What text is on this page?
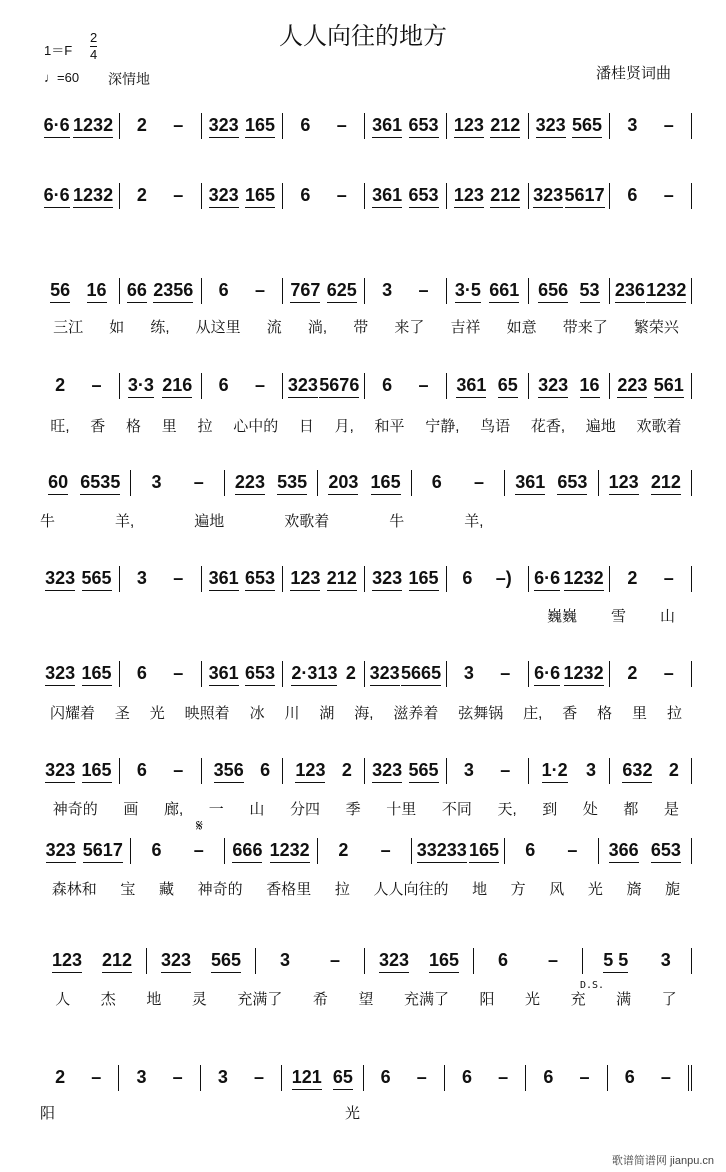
人人向往的地方
$1=F \frac{2}{4}$
♩=60 深情地	潘桂贤词曲
𝄋
D.S.
歌谱简谱网 jianpu.cn
6·6 1232 2 – 323 165 6 – 361 653 123 212 323 565 3 –
6·6 1232 2 – 323 165 6 – 361 653 123 212 323 5617 6 –
56 16 66 2356 6 – 767 625 3 – 3·5 661 656 53 236 1232
三江 如 练, 从这里 流 淌, 带 来了 吉祥 如意 带来了 繁荣兴
2 – 3·3 216 6 – 323 5676 6 – 361 65 323 16 223 561
旺, 香 格 里 拉 心中的 日 月, 和平 宁静, 鸟语 花香, 遍地 欢歌着
60 6535 3 – 223 535 203 165 6 – 361 653 123 212
牛	羊,	遍地	欢歌着	牛	羊,
323 565 3 – 361 653 123 212 323 165 6 –) 6·6 1232 2 –
巍巍 雪 山
323 165 6 – 361 653 2·313 2 323 5665 3 – 6·6 1232 2 –
闪耀着 圣 光 映照着 冰 川 湖 海, 滋养着 弦舞锅 庄, 香 格 里 拉
323 165 6 – 356 6 123 2 323 565 3 – 1·2 3 632 2
神奇的 画 廊, 一 山 分四 季 十里 不同 天, 到 处 都 是
323 5617 6 – 666 1232 2 – 33233 165 6 – 366 653
森林和 宝 藏 神奇的 香格里 拉 人人向往的 地 方 风 光 旖 旎
123 212 323 565 3 – 323 165 6 –	5 5 3
人 杰 地 灵 充满了 希 望 充满了 阳 光 充 满 了
2 – 3 – 3 – 121 65 6 – 6 – 6 – 6 –
阳	光
